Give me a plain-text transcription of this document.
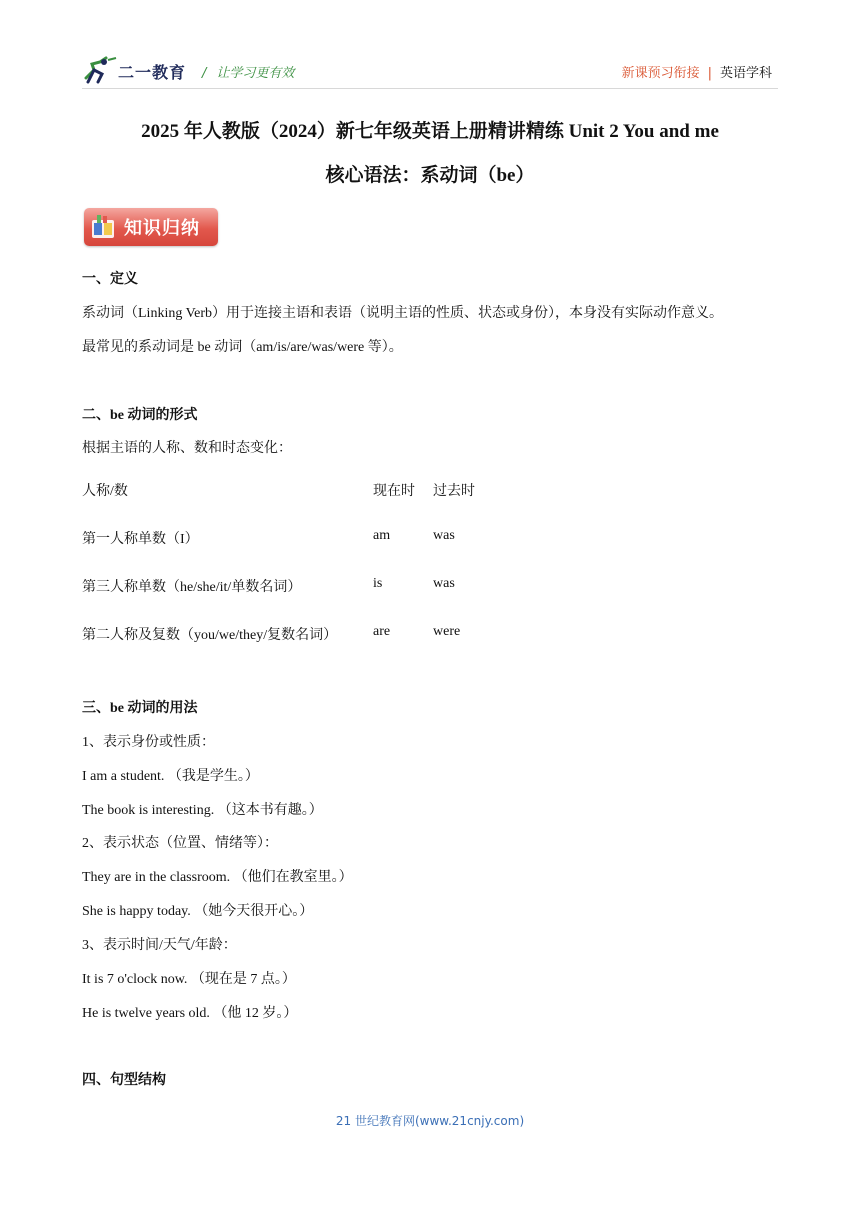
二一教育 / 让学习更有效	新课预习衔接 | 英语学科
2025 年人教版（2024）新七年级英语上册精讲精练 Unit 2 You and me
核心语法：系动词（be）
知识归纳
一、定义
系动词（Linking Verb）用于连接主语和表语（说明主语的性质、状态或身份），本身没有实际动作意义。
最常见的系动词是 be 动词（am/is/are/was/were 等）。
二、be 动词的形式
根据主语的人称、数和时态变化：
人称/数	现在时 过去时
第一人称单数（I）	am	was
第三人称单数（he/she/it/单数名词）	is	was
第二人称及复数（you/we/they/复数名词）	are	were
三、be 动词的用法
1、表示身份或性质：
I am a student. （我是学生。）
The book is interesting. （这本书有趣。）
2、表示状态（位置、情绪等）：
They are in the classroom. （他们在教室里。）
She is happy today. （她今天很开心。）
3、表示时间/天气/年龄：
It is 7 o'clock now. （现在是 7 点。）
He is twelve years old. （他 12 岁。）
四、句型结构
21 世纪教育网(www.21cnjy.com)
